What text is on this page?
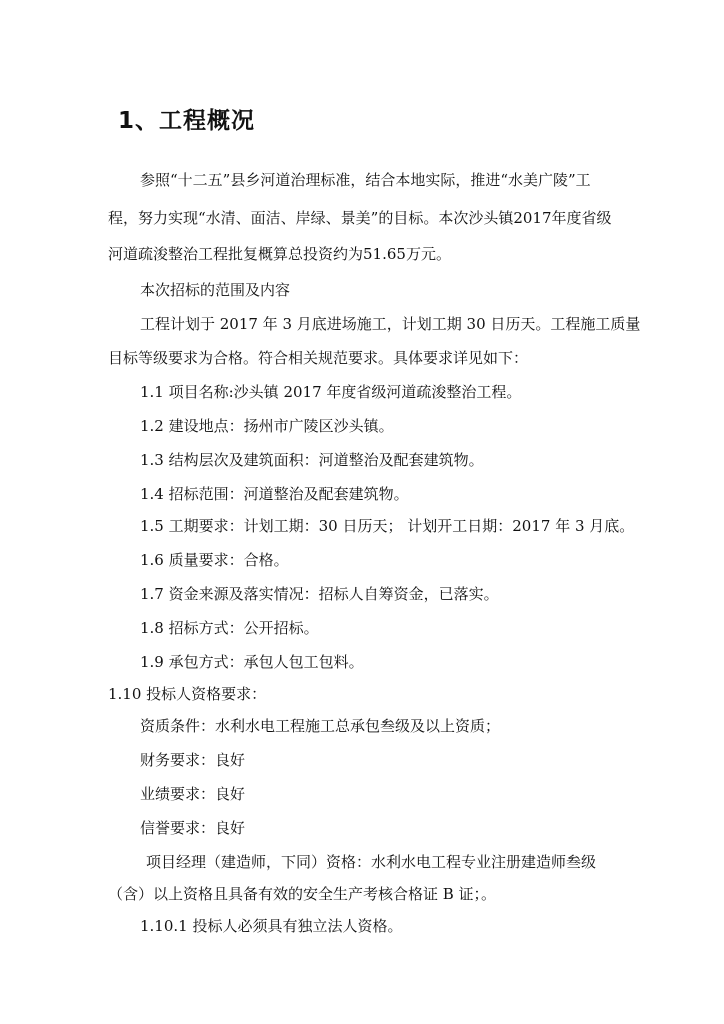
1、工程概况
参照“十二五”县乡河道治理标准，结合本地实际，推进“水美广陵”工
程，努力实现“水清、面洁、岸绿、景美”的目标。本次沙头镇2017年度省级
河道疏浚整治工程批复概算总投资约为51.65万元。
本次招标的范围及内容
工程计划于 2017 年 3 月底进场施工，计划工期 30 日历天。工程施工质量
目标等级要求为合格。符合相关规范要求。具体要求详见如下：
1.1 项目名称:沙头镇 2017 年度省级河道疏浚整治工程。
1.2 建设地点：扬州市广陵区沙头镇。
1.3 结构层次及建筑面积：河道整治及配套建筑物。
1.4 招标范围：河道整治及配套建筑物。
1.5 工期要求：计划工期：30 日历天； 计划开工日期：2017 年 3 月底。
1.6 质量要求：合格。
1.7 资金来源及落实情况：招标人自筹资金，已落实。
1.8 招标方式：公开招标。
1.9 承包方式：承包人包工包料。
1.10 投标人资格要求：
资质条件：水利水电工程施工总承包叁级及以上资质；
财务要求：良好
业绩要求：良好
信誉要求：良好
项目经理（建造师，下同）资格：水利水电工程专业注册建造师叁级
（含）以上资格且具备有效的安全生产考核合格证 B 证；。
1.10.1 投标人必须具有独立法人资格。
